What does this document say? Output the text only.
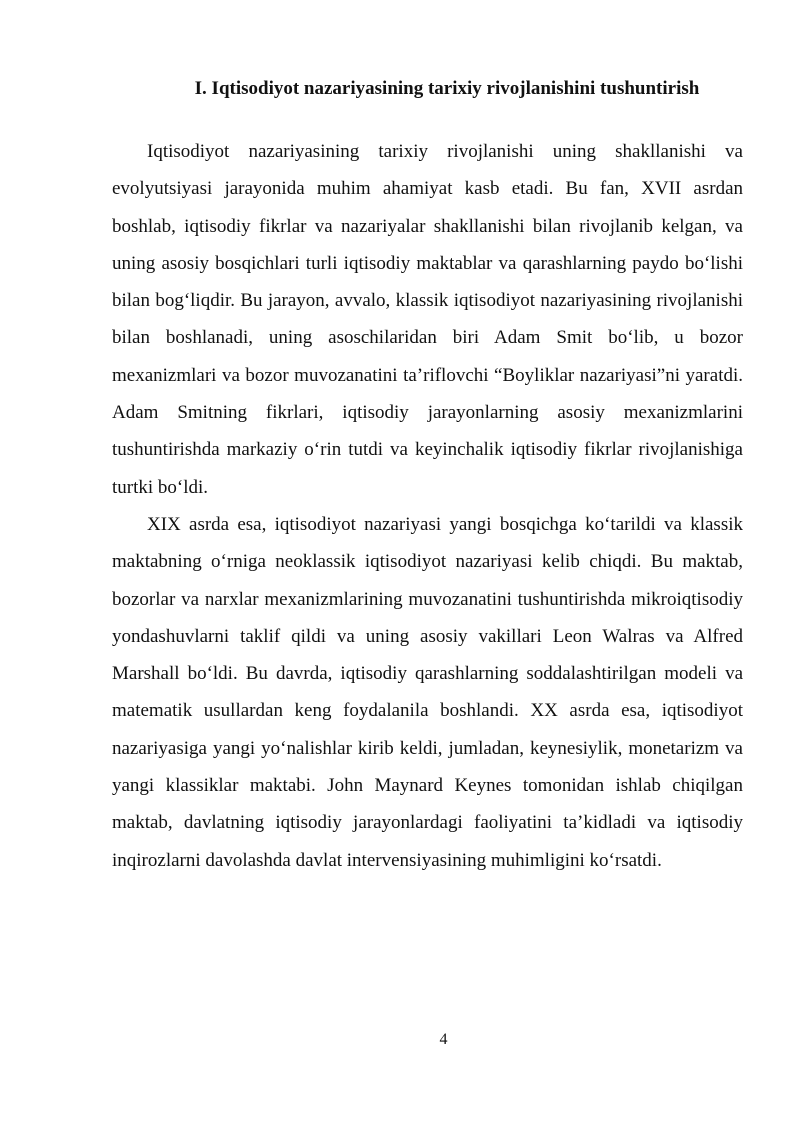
I. Iqtisodiyot nazariyasining tarixiy rivojlanishini tushuntirish

Iqtisodiyot nazariyasining tarixiy rivojlanishi uning shakllanishi va evolyutsiyasi jarayonida muhim ahamiyat kasb etadi. Bu fan, XVII asrdan boshlab, iqtisodiy fikrlar va nazariyalar shakllanishi bilan rivojlanib kelgan, va uning asosiy bosqichlari turli iqtisodiy maktablar va qarashlarning paydo bo‘lishi bilan bog‘liqdir. Bu jarayon, avvalo, klassik iqtisodiyot nazariyasining rivojlanishi bilan boshlanadi, uning asoschilaridan biri Adam Smit bo‘lib, u bozor mexanizmlari va bozor muvozanatini ta’riflovchi “Boyliklar nazariyasi”ni yaratdi. Adam Smitning fikrlari, iqtisodiy jarayonlarning asosiy mexanizmlarini tushuntirishda markaziy o‘rin tutdi va keyinchalik iqtisodiy fikrlar rivojlanishiga turtki bo‘ldi.

XIX asrda esa, iqtisodiyot nazariyasi yangi bosqichga ko‘tarildi va klassik maktabning o‘rniga neoklassik iqtisodiyot nazariyasi kelib chiqdi. Bu maktab, bozorlar va narxlar mexanizmlarining muvozanatini tushuntirishda mikroiqtisodiy yondashuvlarni taklif qildi va uning asosiy vakillari Leon Walras va Alfred Marshall bo‘ldi. Bu davrda, iqtisodiy qarashlarning soddalashtirilgan modeli va matematik usullardan keng foydalanila boshlandi. XX asrda esa, iqtisodiyot nazariyasiga yangi yo‘nalishlar kirib keldi, jumladan, keynesiylik, monetarizm va yangi klassiklar maktabi. John Maynard Keynes tomonidan ishlab chiqilgan maktab, davlatning iqtisodiy jarayonlardagi faoliyatini ta’kidladi va iqtisodiy inqirozlarni davolashda davlat intervensiyasining muhimligini ko‘rsatdi.

4
